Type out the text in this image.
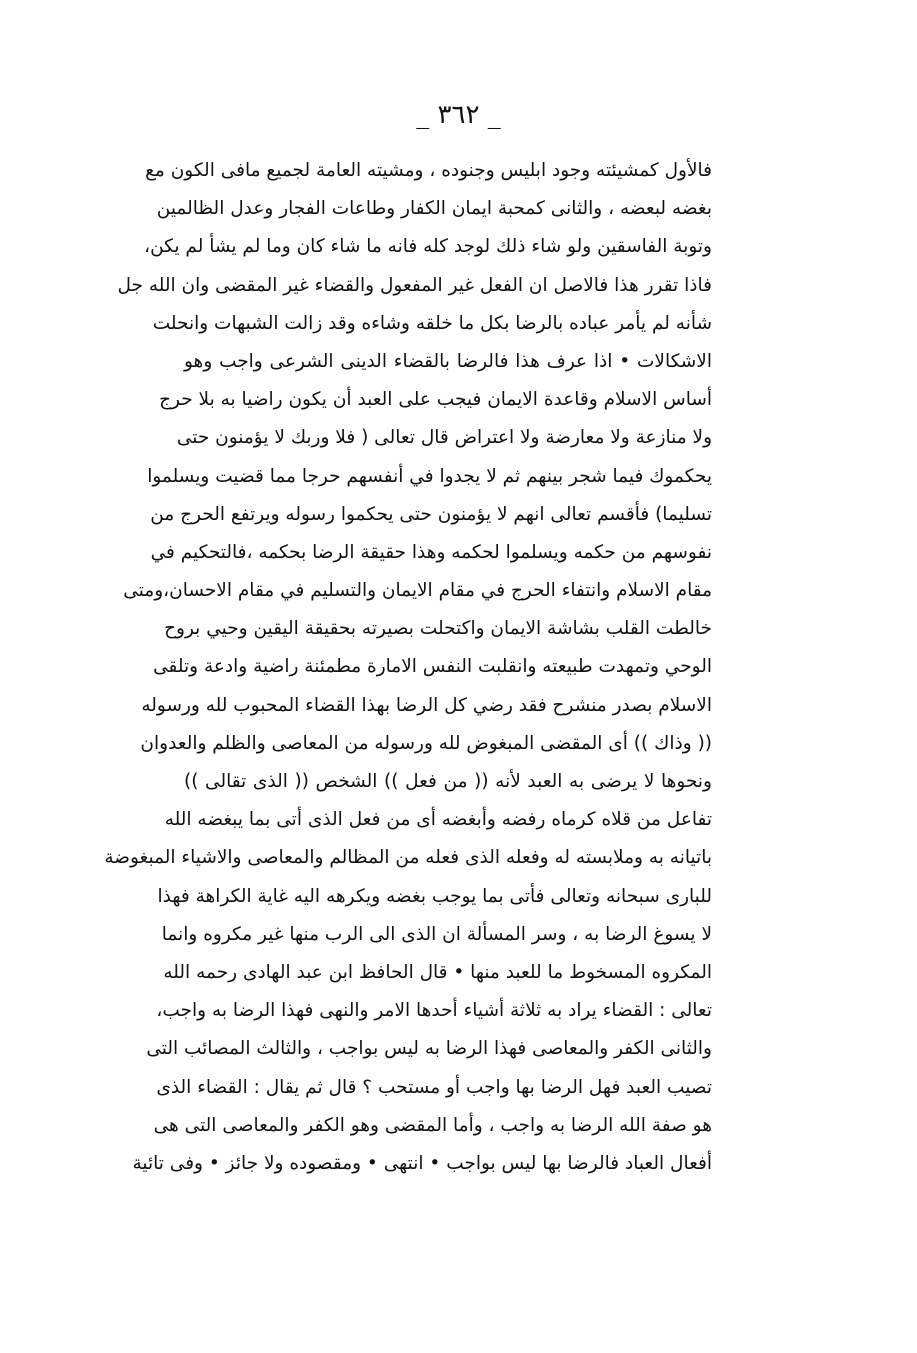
_ ٣٦٢ _
فالأول كمشيئته وجود ابليس وجنوده ، ومشيته العامة لجميع مافى الكون مع
بغضه لبعضه ، والثانى كمحبة ايمان الكفار وطاعات الفجار وعدل الظالمين
وتوبة الفاسقين ولو شاء ذلك لوجد كله فانه ما شاء كان وما لم يشأ لم يكن،
فاذا تقرر هذا فالاصل ان الفعل غير المفعول والقضاء غير المقضى وان الله جل
شأنه لم يأمر عباده بالرضا بكل ما خلقه وشاءه وقد زالت الشبهات وانحلت
الاشكالات • اذا عرف هذا فالرضا بالقضاء الدينى الشرعى واجب وهو
أساس الاسلام وقاعدة الايمان فيجب على العبد أن يكون راضيا به بلا حرج
ولا منازعة ولا معارضة ولا اعتراض قال تعالى ( فلا وربك لا يؤمنون حتى
يحكموك فيما شجر بينهم ثم لا يجدوا في أنفسهم حرجا مما قضيت ويسلموا
تسليما) فأقسم تعالى انهم لا يؤمنون حتى يحكموا رسوله ويرتفع الحرج من
نفوسهم من حكمه ويسلموا لحكمه وهذا حقيقة الرضا بحكمه ،فالتحكيم في
مقام الاسلام وانتفاء الحرج في مقام الايمان والتسليم في مقام الاحسان،ومتى
خالطت القلب بشاشة الايمان واكتحلت بصيرته بحقيقة اليقين وحيي بروح
الوحي وتمهدت طبيعته وانقلبت النفس الامارة مطمئنة راضية وادعة وتلقى
الاسلام بصدر منشرح فقد رضي كل الرضا بهذا القضاء المحبوب لله ورسوله
(( وذاك )) أى المقضى المبغوض لله ورسوله من المعاصى والظلم والعدوان
ونحوها لا يرضى به العبد لأنه (( من فعل )) الشخص (( الذى تقالى ))
تفاعل من قلاه كرماه رفضه وأبغضه أى من فعل الذى أتى بما يبغضه الله
باتيانه به وملابسته له وفعله الذى فعله من المظالم والمعاصى والاشياء المبغوضة
للبارى سبحانه وتعالى فأتى بما يوجب بغضه ويكرهه اليه غاية الكراهة فهذا
لا يسوغ الرضا به ، وسر المسألة ان الذى الى الرب منها غير مكروه وانما
المكروه المسخوط ما للعبد منها • قال الحافظ ابن عبد الهادى رحمه الله
تعالى : القضاء يراد به ثلاثة أشياء أحدها الامر والنهى فهذا الرضا به واجب،
والثانى الكفر والمعاصى فهذا الرضا به ليس بواجب ، والثالث المصائب التى
تصيب العبد فهل الرضا بها واجب أو مستحب ؟ قال ثم يقال : القضاء الذى
هو صفة الله الرضا به واجب ، وأما المقضى وهو الكفر والمعاصى التى هى
أفعال العباد فالرضا بها ليس بواجب • انتهى • ومقصوده ولا جائز • وفى تائية
